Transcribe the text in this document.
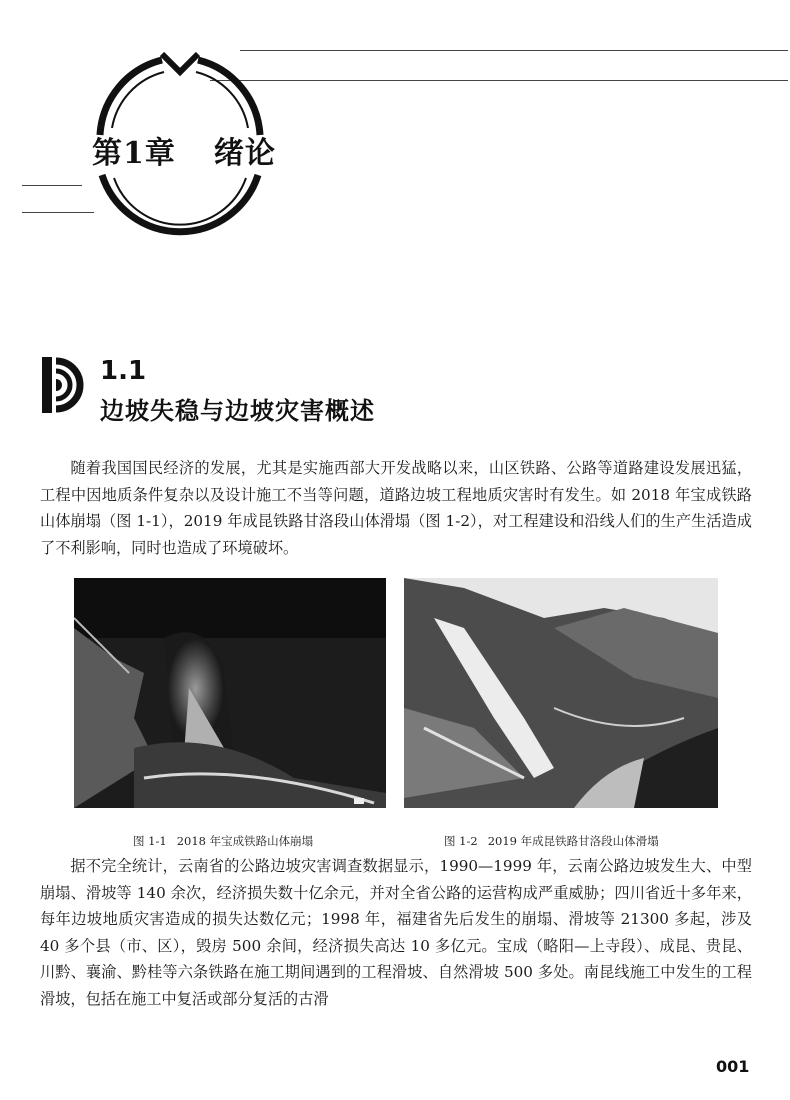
第1章 绪论
1.1
边坡失稳与边坡灾害概述

随着我国国民经济的发展，尤其是实施西部大开发战略以来，山区铁路、公路等道路建设发展迅猛，工程中因地质条件复杂以及设计施工不当等问题，道路边坡工程地质灾害时有发生。如 2018 年宝成铁路山体崩塌（图 1-1），2019 年成昆铁路甘洛段山体滑塌（图 1-2），对工程建设和沿线人们的生产生活造成了不利影响，同时也造成了环境破坏。

图 1-1 2018 年宝成铁路山体崩塌	图 1-2 2019 年成昆铁路甘洛段山体滑塌

据不完全统计，云南省的公路边坡灾害调查数据显示，1990—1999 年，云南公路边坡发生大、中型崩塌、滑坡等 140 余次，经济损失数十亿余元，并对全省公路的运营构成严重威胁；四川省近十多年来，每年边坡地质灾害造成的损失达数亿元；1998 年，福建省先后发生的崩塌、滑坡等 21300 多起，涉及 40 多个县（市、区），毁房 500 余间，经济损失高达 10 多亿元。宝成（略阳—上寺段）、成昆、贵昆、川黔、襄渝、黔桂等六条铁路在施工期间遇到的工程滑坡、自然滑坡 500 多处。南昆线施工中发生的工程滑坡，包括在施工中复活或部分复活的古滑

001
